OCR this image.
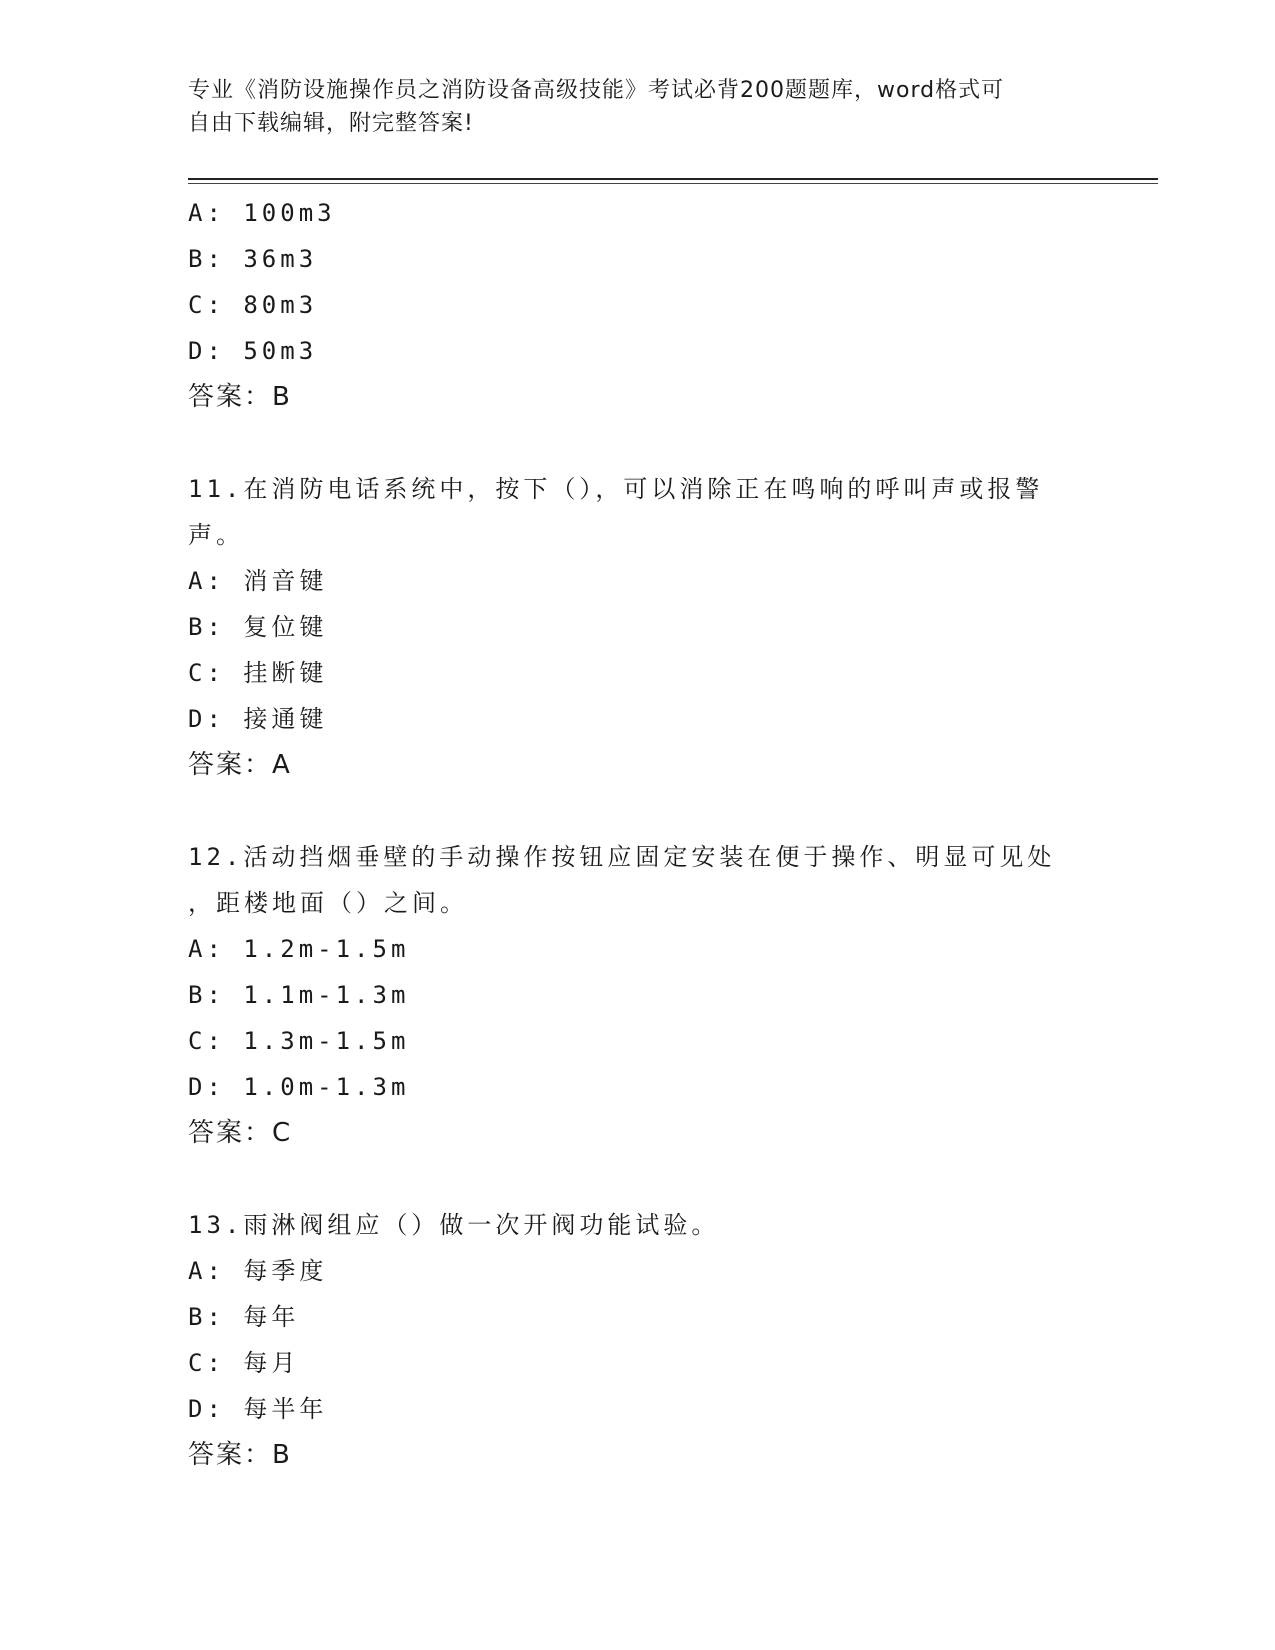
专业《消防设施操作员之消防设备高级技能》考试必背200题题库，word格式可
自由下载编辑，附完整答案!
A: 100m3
B: 36m3
C: 80m3
D: 50m3
答案：B
11.在消防电话系统中，按下（），可以消除正在鸣响的呼叫声或报警
声。
A: 消音键
B: 复位键
C: 挂断键
D: 接通键
答案：A
12.活动挡烟垂壁的手动操作按钮应固定安装在便于操作、明显可见处
，距楼地面（）之间。
A: 1.2m-1.5m
B: 1.1m-1.3m
C: 1.3m-1.5m
D: 1.0m-1.3m
答案：C
13.雨淋阀组应（）做一次开阀功能试验。
A: 每季度
B: 每年
C: 每月
D: 每半年
答案：B
